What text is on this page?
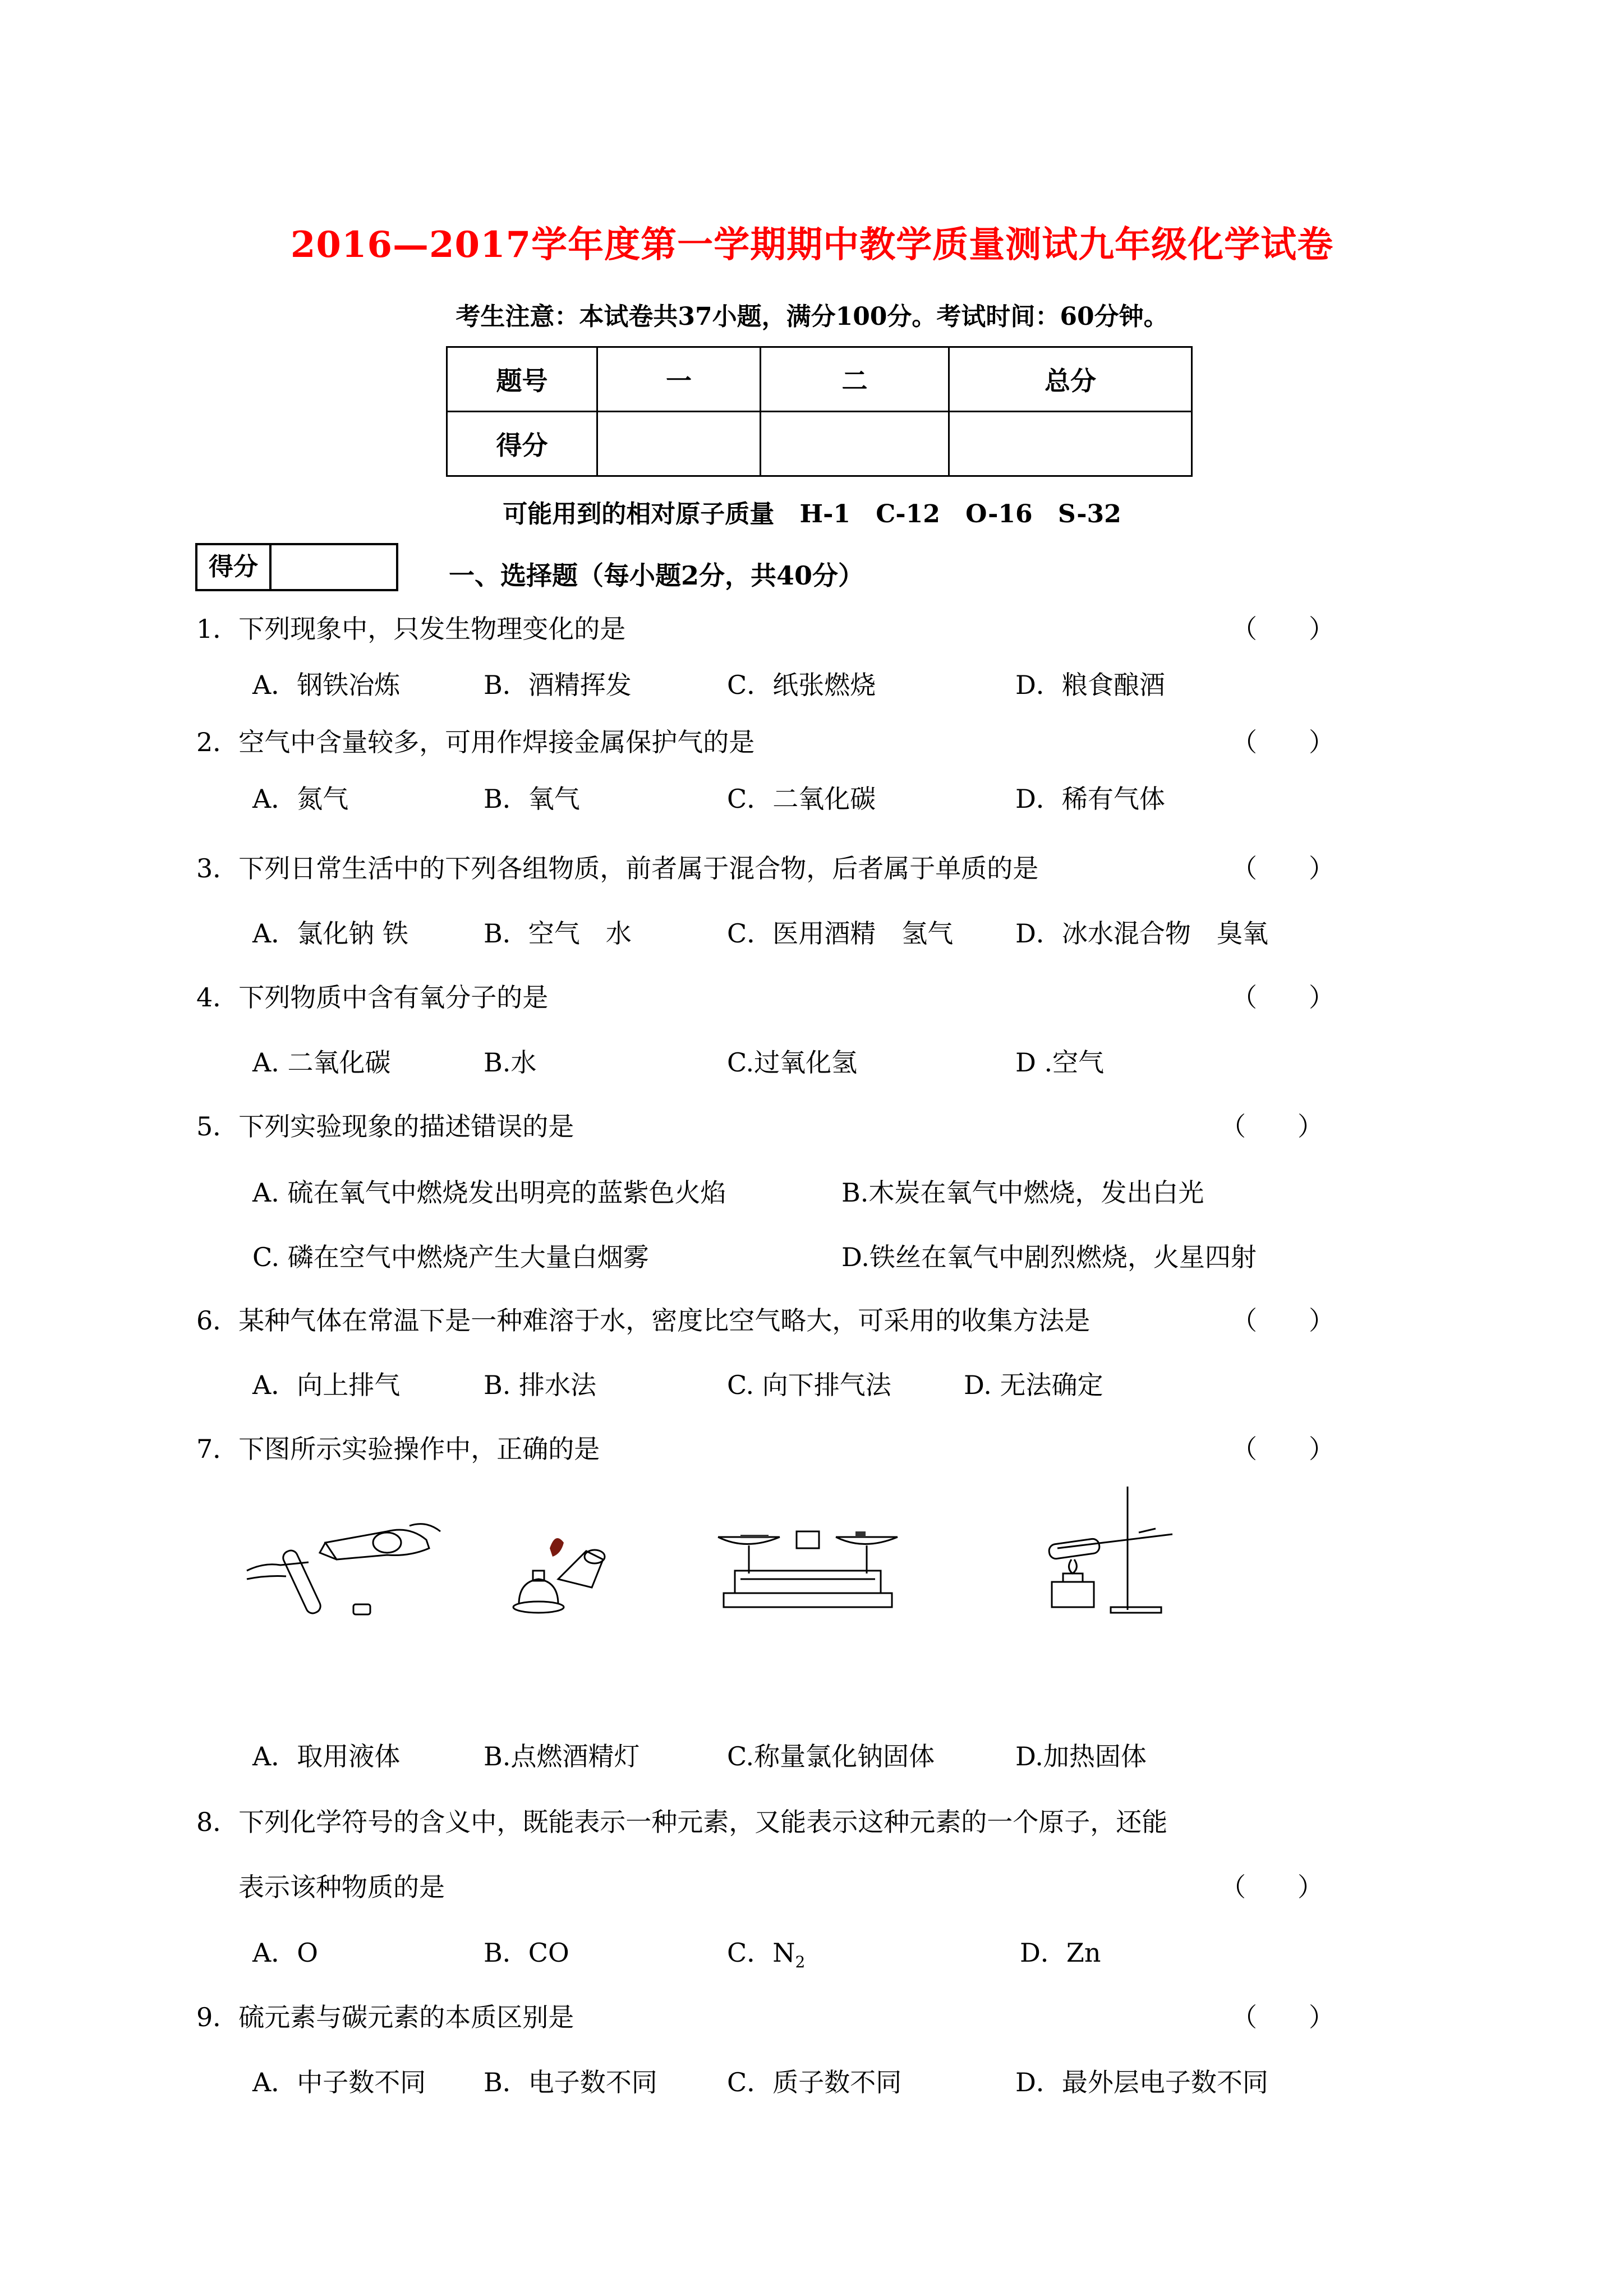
2016—2017学年度第一学期期中教学质量测试九年级化学试卷
考生注意：本试卷共37小题，满分100分。考试时间：60分钟。
题号	一	二	总分
得分			
可能用到的相对原子质量 H-1 C-12 O-16 S-32
得分	一、选择题（每小题2分，共40分）
1．下列现象中，只发生物理变化的是	（　　）
A．钢铁冶炼	B．酒精挥发	C．纸张燃烧	D．粮食酿酒
2．空气中含量较多，可用作焊接金属保护气的是	（　　）
A．氮气	B．氧气	C．二氧化碳	D．稀有气体
3．下列日常生活中的下列各组物质，前者属于混合物，后者属于单质的是	（　　）
A．氯化钠 铁	B．空气　水	C．医用酒精　氢气 D．冰水混合物　臭氧
4．下列物质中含有氧分子的是	（　　）
A. 二氧化碳	B.水	C.过氧化氢	D .空气
5．下列实验现象的描述错误的是	（　　）
A. 硫在氧气中燃烧发出明亮的蓝紫色火焰	B.木炭在氧气中燃烧，发出白光
C. 磷在空气中燃烧产生大量白烟雾	D.铁丝在氧气中剧烈燃烧，火星四射
6．某种气体在常温下是一种难溶于水，密度比空气略大，可采用的收集方法是	（　　）
A．向上排气	B. 排水法	C. 向下排气法	D. 无法确定
7．下图所示实验操作中，正确的是	（　　）
A．取用液体	B.点燃酒精灯	C.称量氯化钠固体	D.加热固体
8．下列化学符号的含义中，既能表示一种元素，又能表示这种元素的一个原子，还能
表示该种物质的是	（　　）
A．O	B．CO	C．$N_2$	D．Zn
9．硫元素与碳元素的本质区别是	（　　）
A．中子数不同 B．电子数不同	C．质子数不同	D．最外层电子数不同
